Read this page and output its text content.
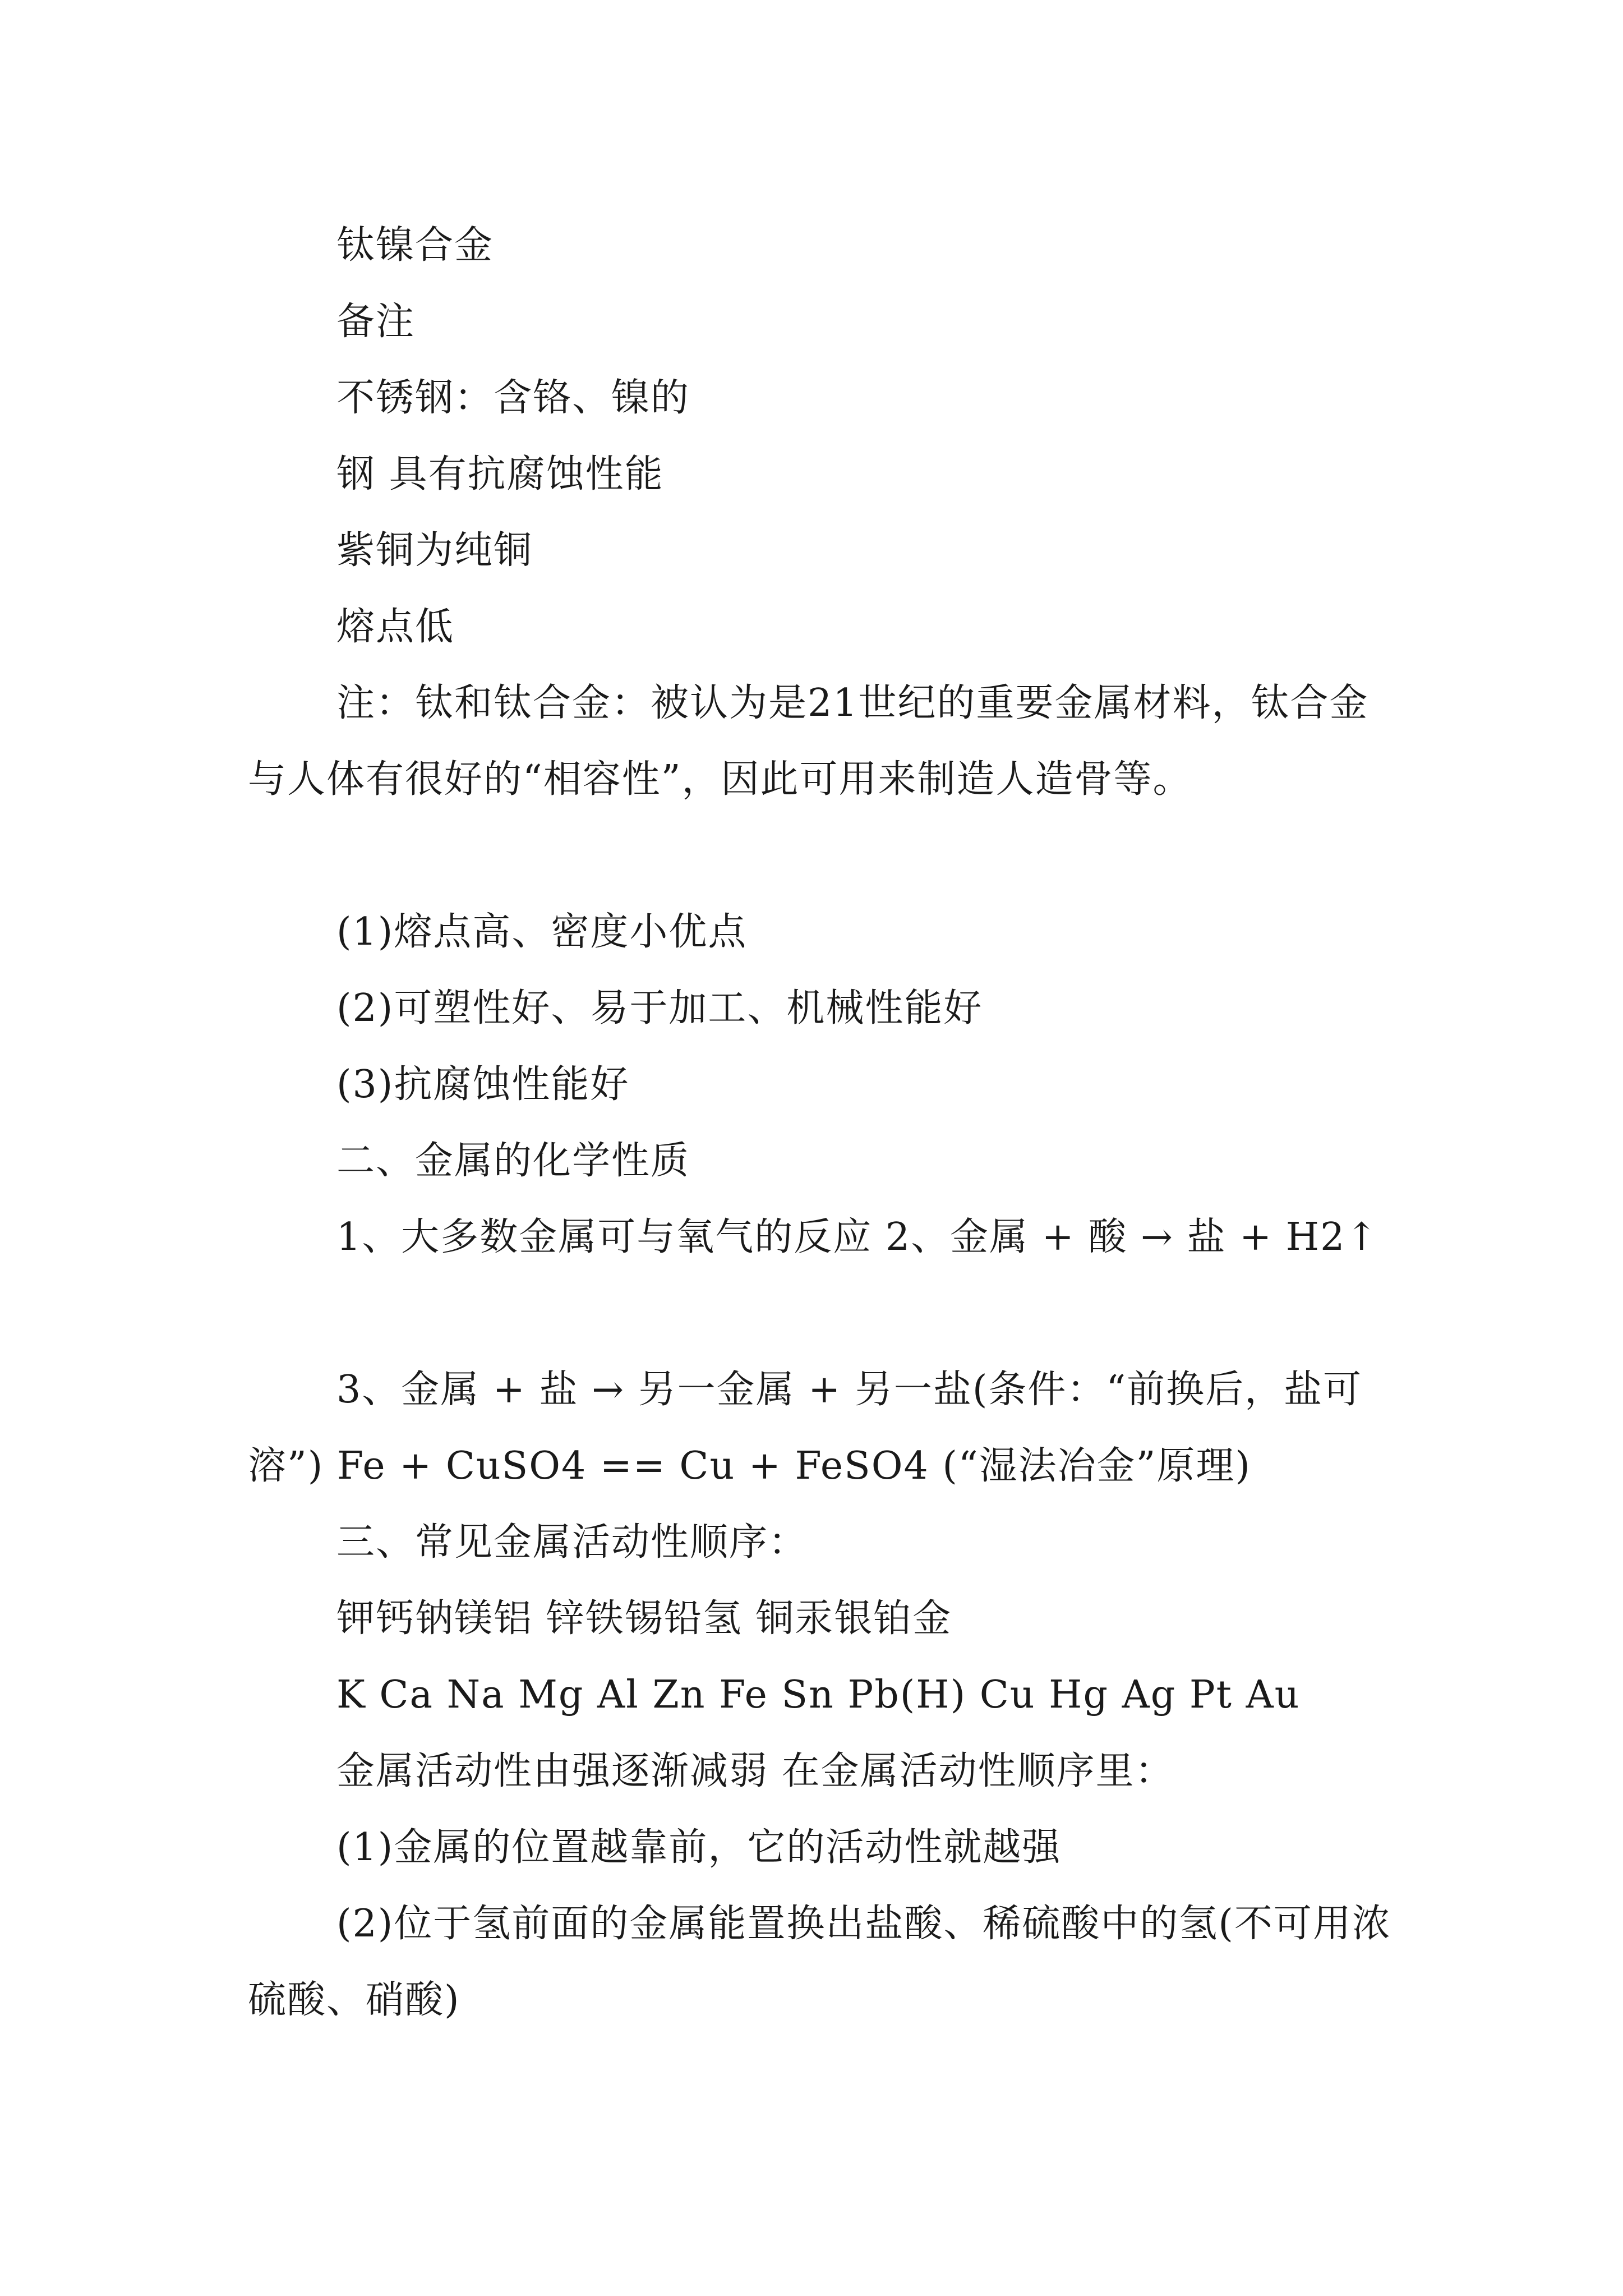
钛镍合金

备注

不锈钢：含铬、镍的

钢 具有抗腐蚀性能

紫铜为纯铜

熔点低

注：钛和钛合金：被认为是21世纪的重要金属材料，钛合金与人体有很好的“相容性”，因此可用来制造人造骨等。

(1)熔点高、密度小优点

(2)可塑性好、易于加工、机械性能好

(3)抗腐蚀性能好

二、金属的化学性质

1、大多数金属可与氧气的反应 2、金属 + 酸 → 盐 + H2↑

3、金属 + 盐 → 另一金属 + 另一盐(条件：“前换后，盐可溶”) Fe + CuSO4 == Cu + FeSO4 (“湿法冶金”原理)

三、常见金属活动性顺序：

钾钙钠镁铝 锌铁锡铅氢 铜汞银铂金

K Ca Na Mg Al Zn Fe Sn Pb(H) Cu Hg Ag Pt Au

金属活动性由强逐渐减弱 在金属活动性顺序里：

(1)金属的位置越靠前，它的活动性就越强

(2)位于氢前面的金属能置换出盐酸、稀硫酸中的氢(不可用浓硫酸、硝酸)
